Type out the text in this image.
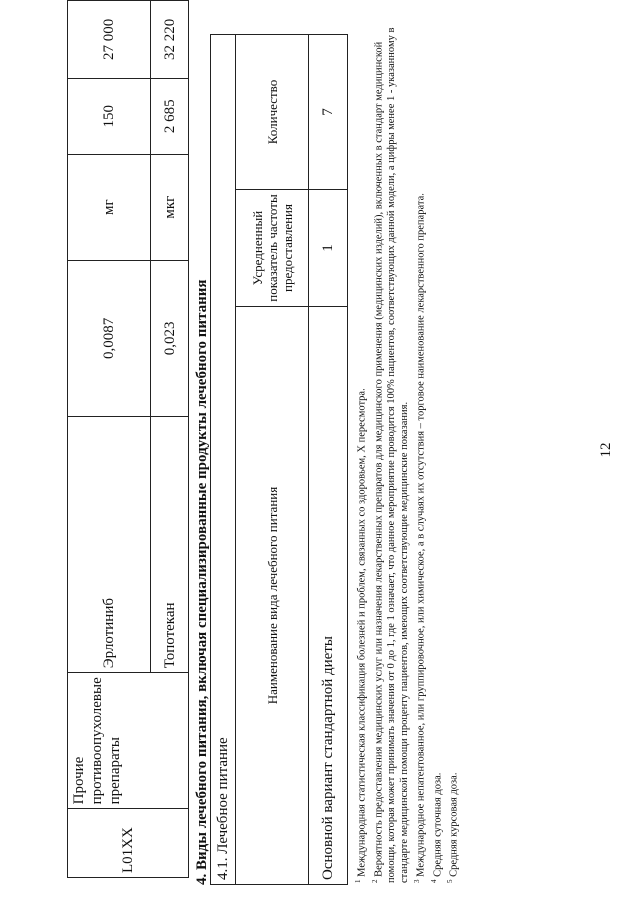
12
L01XX	Прочие противоопухолевые препараты	Эрлотиниб	0,0087	мг	150	27 000
		Топотекан	0,023	мкг	2 685	32 220
4. Виды лечебного питания, включая специализированные продукты лечебного питания 4.1. Лечебное питание		
Наименование вида лечебного питания	Усредненный показатель частоты предоставления	Количество
Основной вариант стандартной диеты	1	7

$^1$ Международная статистическая классификация болезней и проблем, связанных со здоровьем, X пересмотра.

$^2$ Вероятность предоставления медицинских услуг или назначения лекарственных препаратов для медицинского применения (медицинских изделий), включенных в стандарт медицинской помощи, которая может принимать значения от 0 до 1, где 1 означает, что данное мероприятие проводится 100% пациентов, соответствующих данной модели, а цифры менее 1 - указанному в стандарте медицинской помощи проценту пациентов, имеющих соответствующие медицинские показания. $^3$ Международное непатентованное, или группировочное, или химическое, а в случаях их отсутствия – торговое наименование лекарственного препарата.

$^4$ Средняя суточная доза.

$^5$ Средняя курсовая доза.
